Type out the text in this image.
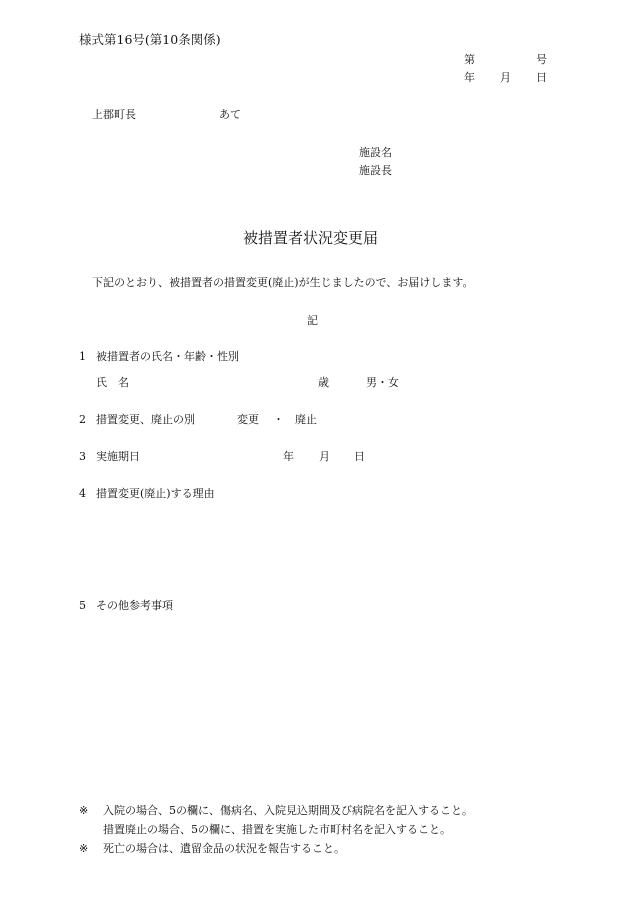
様式第16号(第10条関係)
第	号
年 月 日
上郡町長	あて
施設名
施設長
被措置者状況変更届
下記のとおり、被措置者の措置変更(廃止)が生じましたので、お届けします。
記
1 被措置者の氏名・年齢・性別
氏　名	歳	男・女
2 措置変更、廃止の別	変更 ・ 廃止
3 実施期日	年 月 日
4 措置変更(廃止)する理由
5 その他参考事項
※ 入院の場合、5の欄に、傷病名、入院見込期間及び病院名を記入すること。
措置廃止の場合、5の欄に、措置を実施した市町村名を記入すること。
※ 死亡の場合は、遺留金品の状況を報告すること。
